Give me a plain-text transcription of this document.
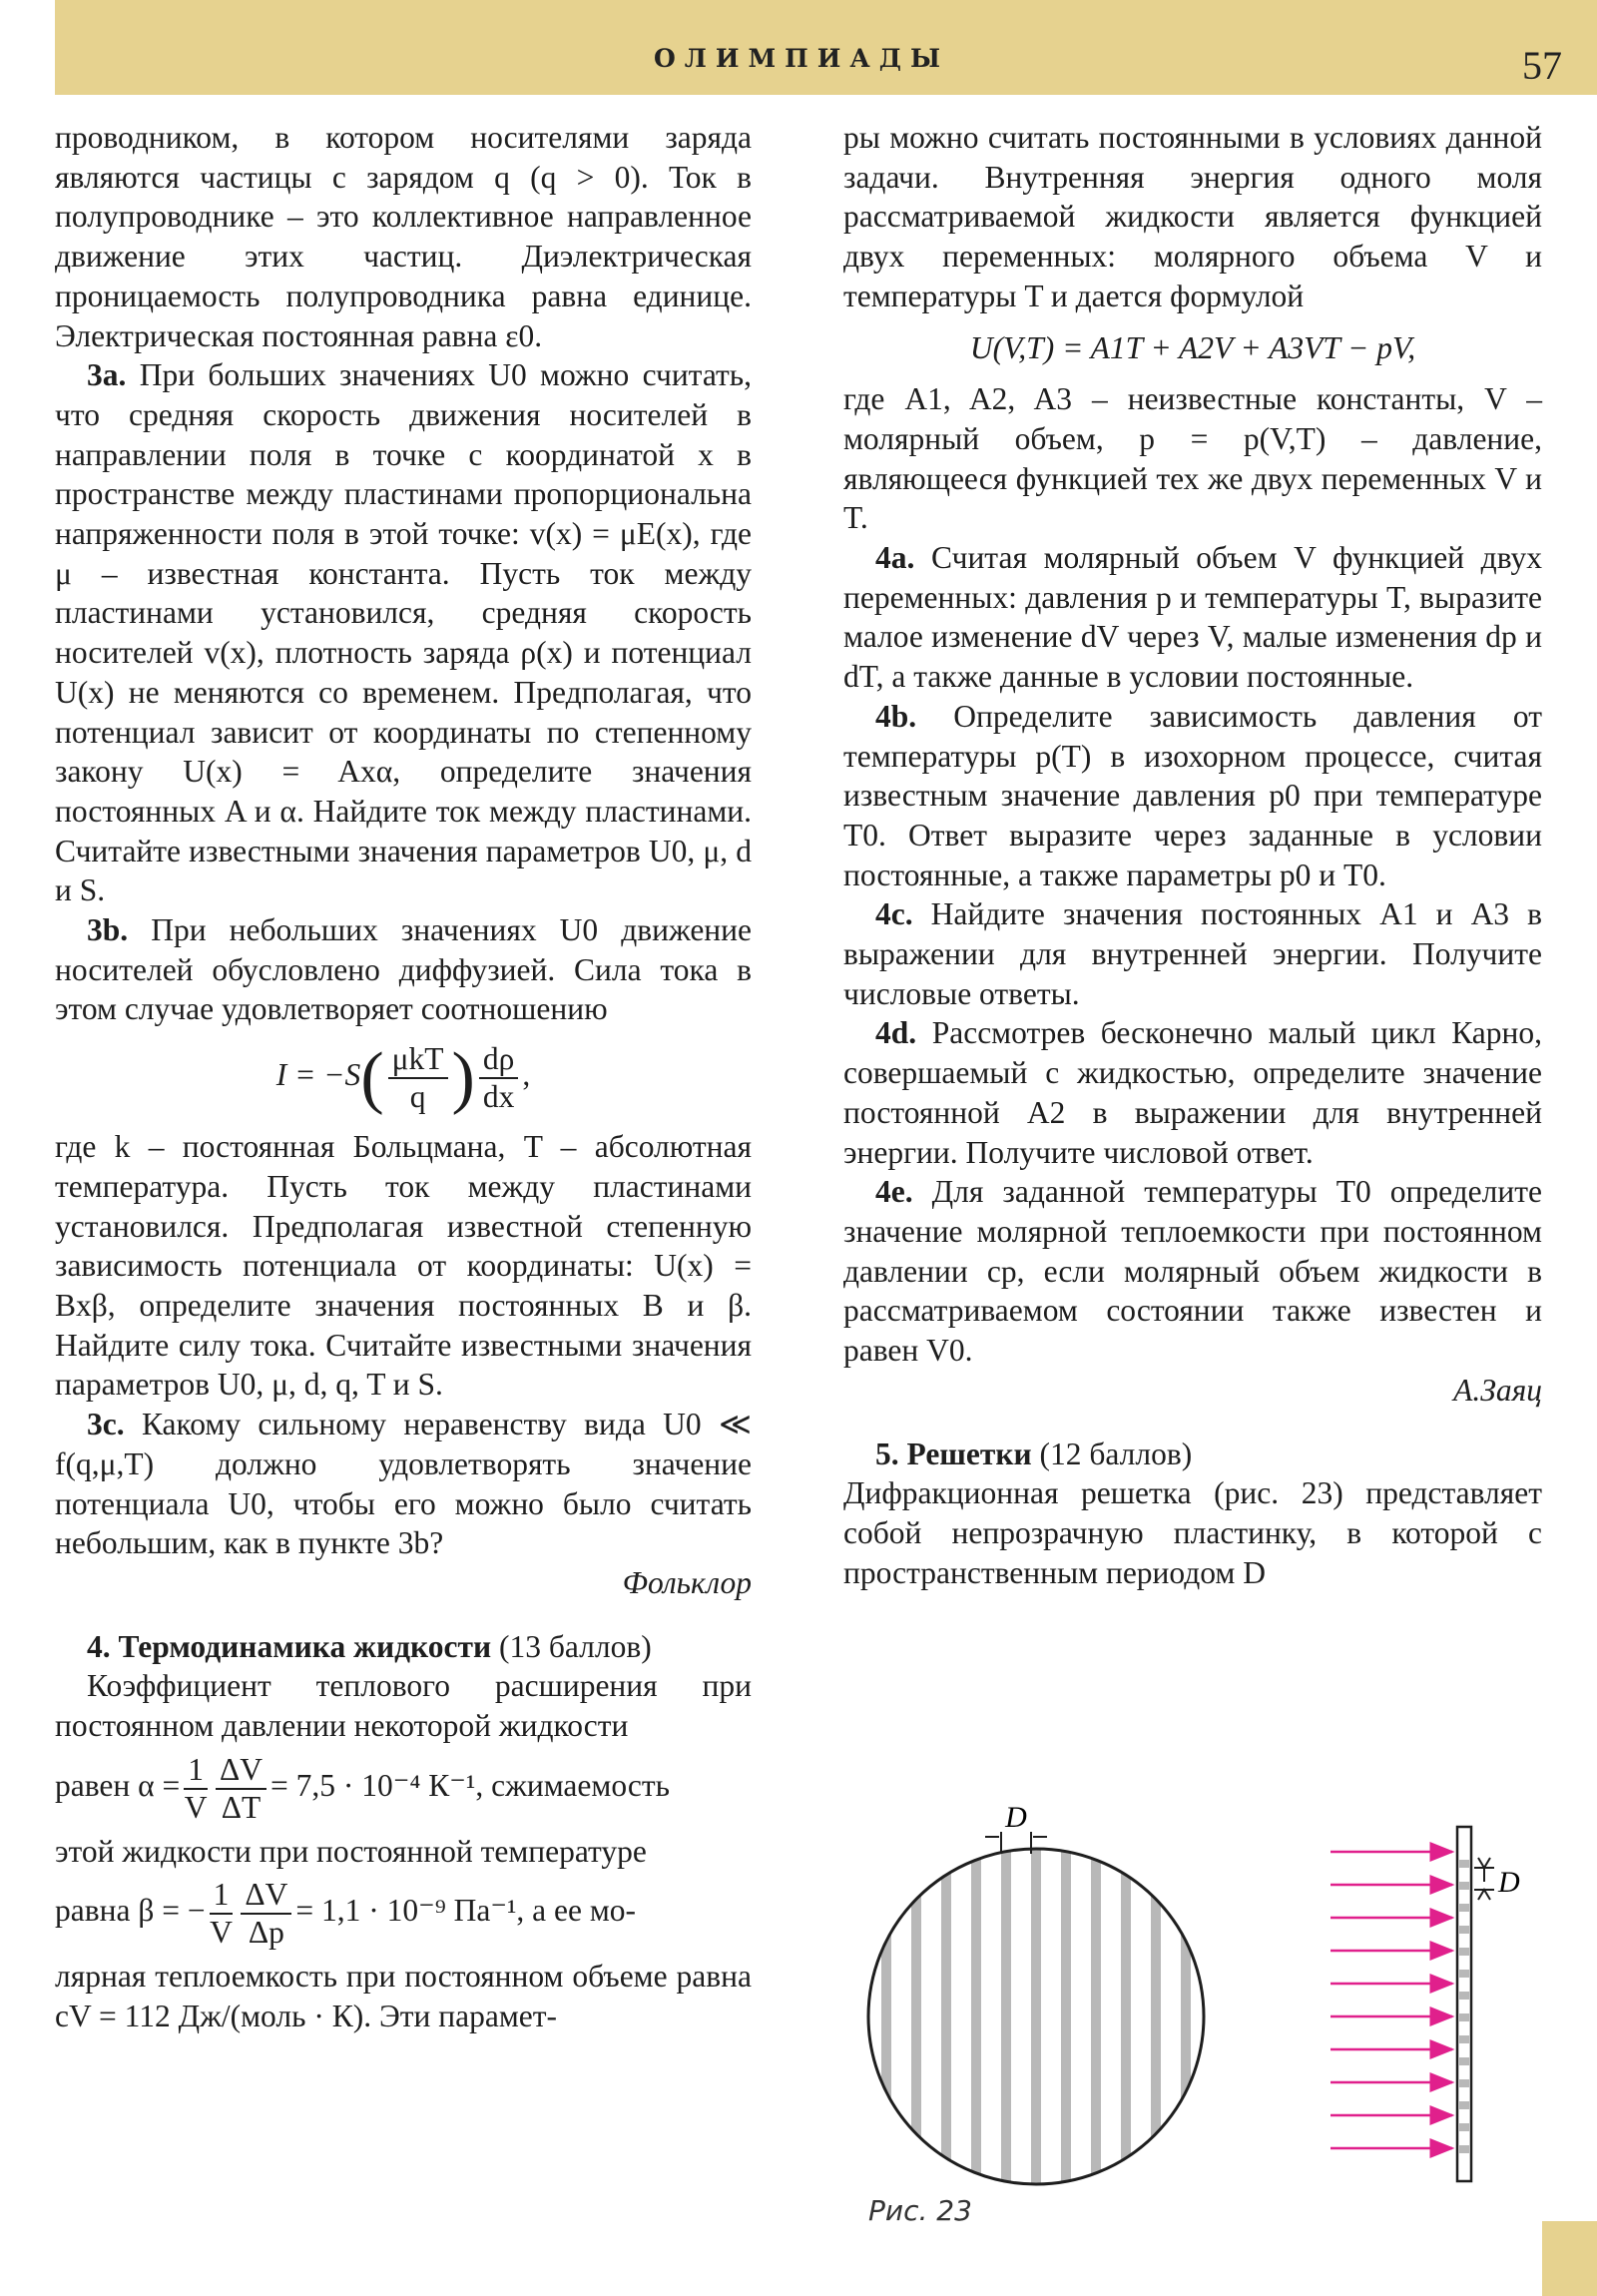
ОЛИМПИАДЫ	57

проводником, в котором носителями заряда являются частицы с зарядом q (q > 0). Ток в полупроводнике – это коллективное направленное движение этих частиц. Диэлектрическая проницаемость полупроводника равна единице. Электрическая постоянная равна ε0.

3a. При больших значениях U0 можно считать, что средняя скорость движения носителей в направлении поля в точке с координатой x в пространстве между пластинами пропорциональна напряженности поля в этой точке: v(x) = μE(x), где μ – известная константа. Пусть ток между пластинами установился, средняя скорость носителей v(x), плотность заряда ρ(x) и потенциал U(x) не меняются со временем. Предполагая, что потенциал зависит от координаты по степенному закону U(x) = Axα, определите значения постоянных A и α. Найдите ток между пластинами. Считайте известными значения параметров U0, μ, d и S.

3b. При небольших значениях U0 движение носителей обусловлено диффузией. Сила тока в этом случае удовлетворяет соотношению

$I = -S( \frac{\text{μkT}}{q}$ ) $\frac{d\rho}{dx}$ ,

где k – постоянная Больцмана, T – абсолютная температура. Пусть ток между пластинами установился. Предполагая известной степенную зависимость потенциала от координаты: U(x) = Bxβ, определите значения постоянных B и β. Найдите силу тока. Считайте известными значения параметров U0, μ, d, q, T и S.

3c. Какому сильному неравенству вида U0 ≪ f(q,μ,T) должно удовлетворять значение потенциала U0, чтобы его можно было считать небольшим, как в пункте 3b?

Фольклор

4. Термодинамика жидкости (13 баллов)

Коэффициент теплового расширения при постоянном давлении некоторой жидкости

равен $\alpha = \frac{1}{V} \frac{\Delta V}{\Delta T} = 7,5 \cdot 10^{-4}$ К⁻¹, сжимаемость

этой жидкости при постоянной температуре

равна β = − $\frac{1}{V} \frac{\Delta V}{\Delta p} = 1,1 \cdot 10^{-9}$ Па⁻¹, а ее мо-

лярная теплоемкость при постоянном объеме равна cV = 112 Дж/(моль · К). Эти парамет-

ры можно считать постоянными в условиях данной задачи. Внутренняя энергия одного моля рассматриваемой жидкости является функцией двух переменных: молярного объема V и температуры T и дается формулой

U(V,T) = A1T + A2V + A3VT − pV,

где A1, A2, A3 – неизвестные константы, V – молярный объем, p = p(V,T) – давление, являющееся функцией тех же двух переменных V и T.

4a. Считая молярный объем V функцией двух переменных: давления p и температуры T, выразите малое изменение dV через V, малые изменения dp и dT, а также данные в условии постоянные.

4b. Определите зависимость давления от температуры p(T) в изохорном процессе, считая известным значение давления p0 при температуре T0. Ответ выразите через заданные в условии постоянные, а также параметры p0 и T0.

4c. Найдите значения постоянных A1 и A3 в выражении для внутренней энергии. Получите числовые ответы.

4d. Рассмотрев бесконечно малый цикл Карно, совершаемый с жидкостью, определите значение постоянной A2 в выражении для внутренней энергии. Получите числовой ответ.

4e. Для заданной температуры T0 определите значение молярной теплоемкости при постоянном давлении cp, если молярный объем жидкости в рассматриваемом состоянии также известен и равен V0.

А.Заяц

5. Решетки (12 баллов)

Дифракционная решетка (рис. 23) представляет собой непрозрачную пластинку, в которой с пространственным периодом D

D
D
Рис. 23
